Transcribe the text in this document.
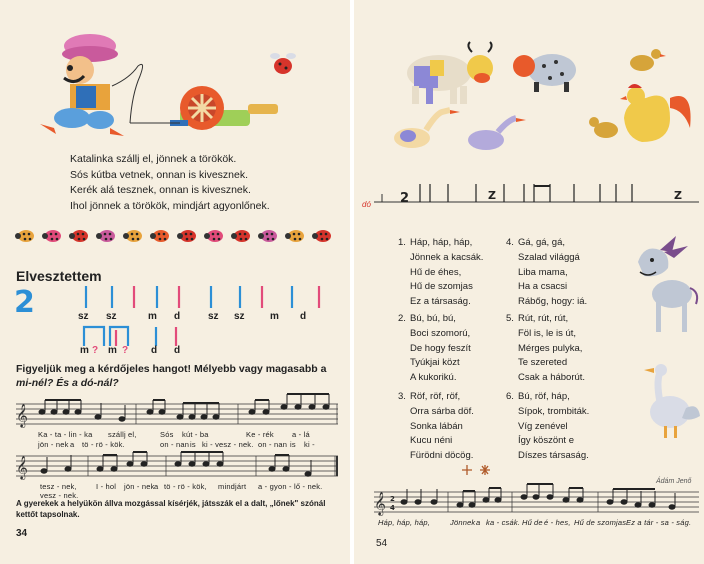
Katalinka szállj el, jönnek a törökök.
Sós kútba vetnek, onnan is kivesznek.
Kerék alá tesznek, onnan is kivesznek.
Ihol jönnek a törökök, mindjárt agyonlőnek.
Elvesztettem
2	sz sz	m d	sz sz	m d
m ? m ? d d
Figyeljük meg a kérdőjeles hangot! Mélyebb vagy magasabb a
mi-nél? És a dó-nál?
𝄞
Ka - ta - lin - ka szállj el,	Sós kút - ba	Ke - rék a - lá
jön - nek a tö - rö - kök.	on - nan is ki - vesz - nek. on - nan is ki -
𝄞
tesz - nek,	I - hol jön - nek a tö - rö - kök, mindjárt a - gyon - lő - nek.
vesz - nek.
A gyerekek a helyükön állva mozgással kísérjék, játsszák el a dalt, „lőnek" szónál kettőt tapsolnak.
34
2	Z	Z
dó
1. Háp, háp, háp,
Jönnek a kacsák.
Hű de éhes,
Hű de szomjas
Ez a társaság.
2. Bú, bú, bú,
Boci szomorú,
De hogy feszít
Tyúkjai közt
A kukorikú.
3. Röf, röf, röf,
Orra sárba döf.
Sonka lábán
Kucu néni
Fürödni döcög.
4. Gá, gá, gá,
Szalad világgá
Liba mama,
Ha a csacsi
Rábőg, hogy: iá.
5. Rút, rút, rút,
Föl is, le is út,
Mérges pulyka,
Te szereted
Csak a háborút.
6. Bú, röf, háp,
Sípok, trombiták.
Víg zenével
Így köszönt e
Díszes társaság.
Ádám Jenő
𝄞 2
4
Háp, háp, háp,	Jönnek a ka - csák. Hű de é - hes, Hű de szomjas Ez a tár - sa - ság.
54
